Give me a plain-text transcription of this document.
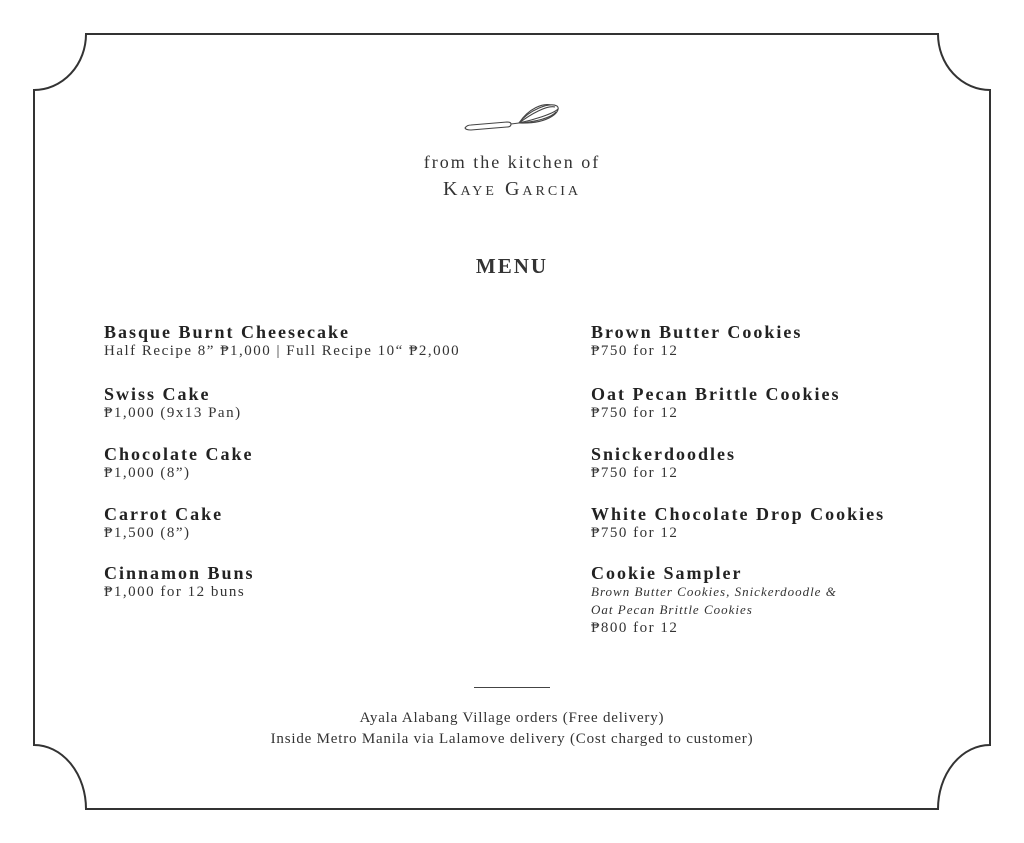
from the kitchen of
Kaye Garcia
MENU
Basque Burnt Cheesecake
Half Recipe 8” ₱1,000 | Full Recipe 10“ ₱2,000
Swiss Cake
₱1,000 (9x13 Pan)
Chocolate Cake
₱1,000 (8”)
Carrot Cake
₱1,500 (8”)
Cinnamon Buns
₱1,000 for 12 buns
Brown Butter Cookies
₱750 for 12
Oat Pecan Brittle Cookies
₱750 for 12
Snickerdoodles
₱750 for 12
White Chocolate Drop Cookies
₱750 for 12
Cookie Sampler
Brown Butter Cookies, Snickerdoodle &
Oat Pecan Brittle Cookies
₱800 for 12
Ayala Alabang Village orders (Free delivery)
Inside Metro Manila via Lalamove delivery (Cost charged to customer)
